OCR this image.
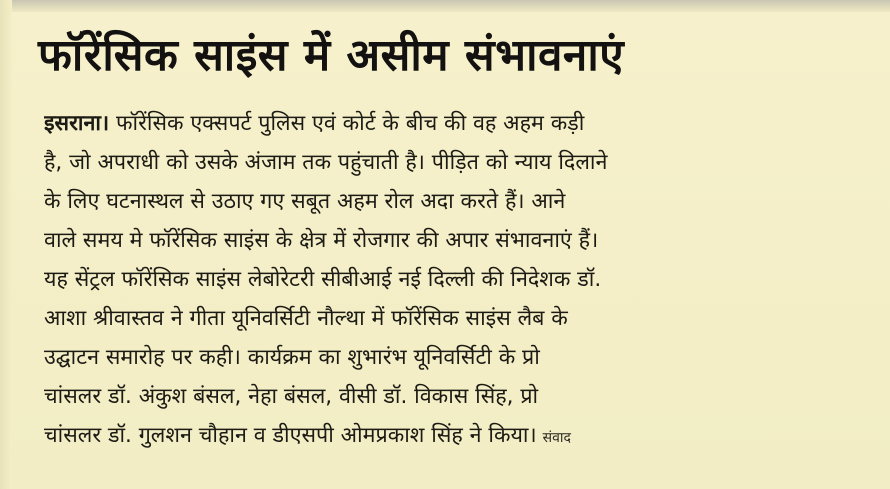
फॉरेंसिक साइंस में असीम संभावनाएं
इसराना। फॉरेंसिक एक्सपर्ट पुलिस एवं कोर्ट के बीच की वह अहम कड़ी
है, जो अपराधी को उसके अंजाम तक पहुंचाती है। पीड़ित को न्याय दिलाने
के लिए घटनास्थल से उठाए गए सबूत अहम रोल अदा करते हैं। आने
वाले समय मे फॉरेंसिक साइंस के क्षेत्र में रोजगार की अपार संभावनाएं हैं।
यह सेंट्रल फॉरेंसिक साइंस लेबोरेटरी सीबीआई नई दिल्ली की निदेशक डॉ.
आशा श्रीवास्तव ने गीता यूनिवर्सिटी नौल्था में फॉरेंसिक साइंस लैब के
उद्घाटन समारोह पर कही। कार्यक्रम का शुभारंभ यूनिवर्सिटी के प्रो
चांसलर डॉ. अंकुश बंसल, नेहा बंसल, वीसी डॉ. विकास सिंह, प्रो
चांसलर डॉ. गुलशन चौहान व डीएसपी ओमप्रकाश सिंह ने किया। संवाद
